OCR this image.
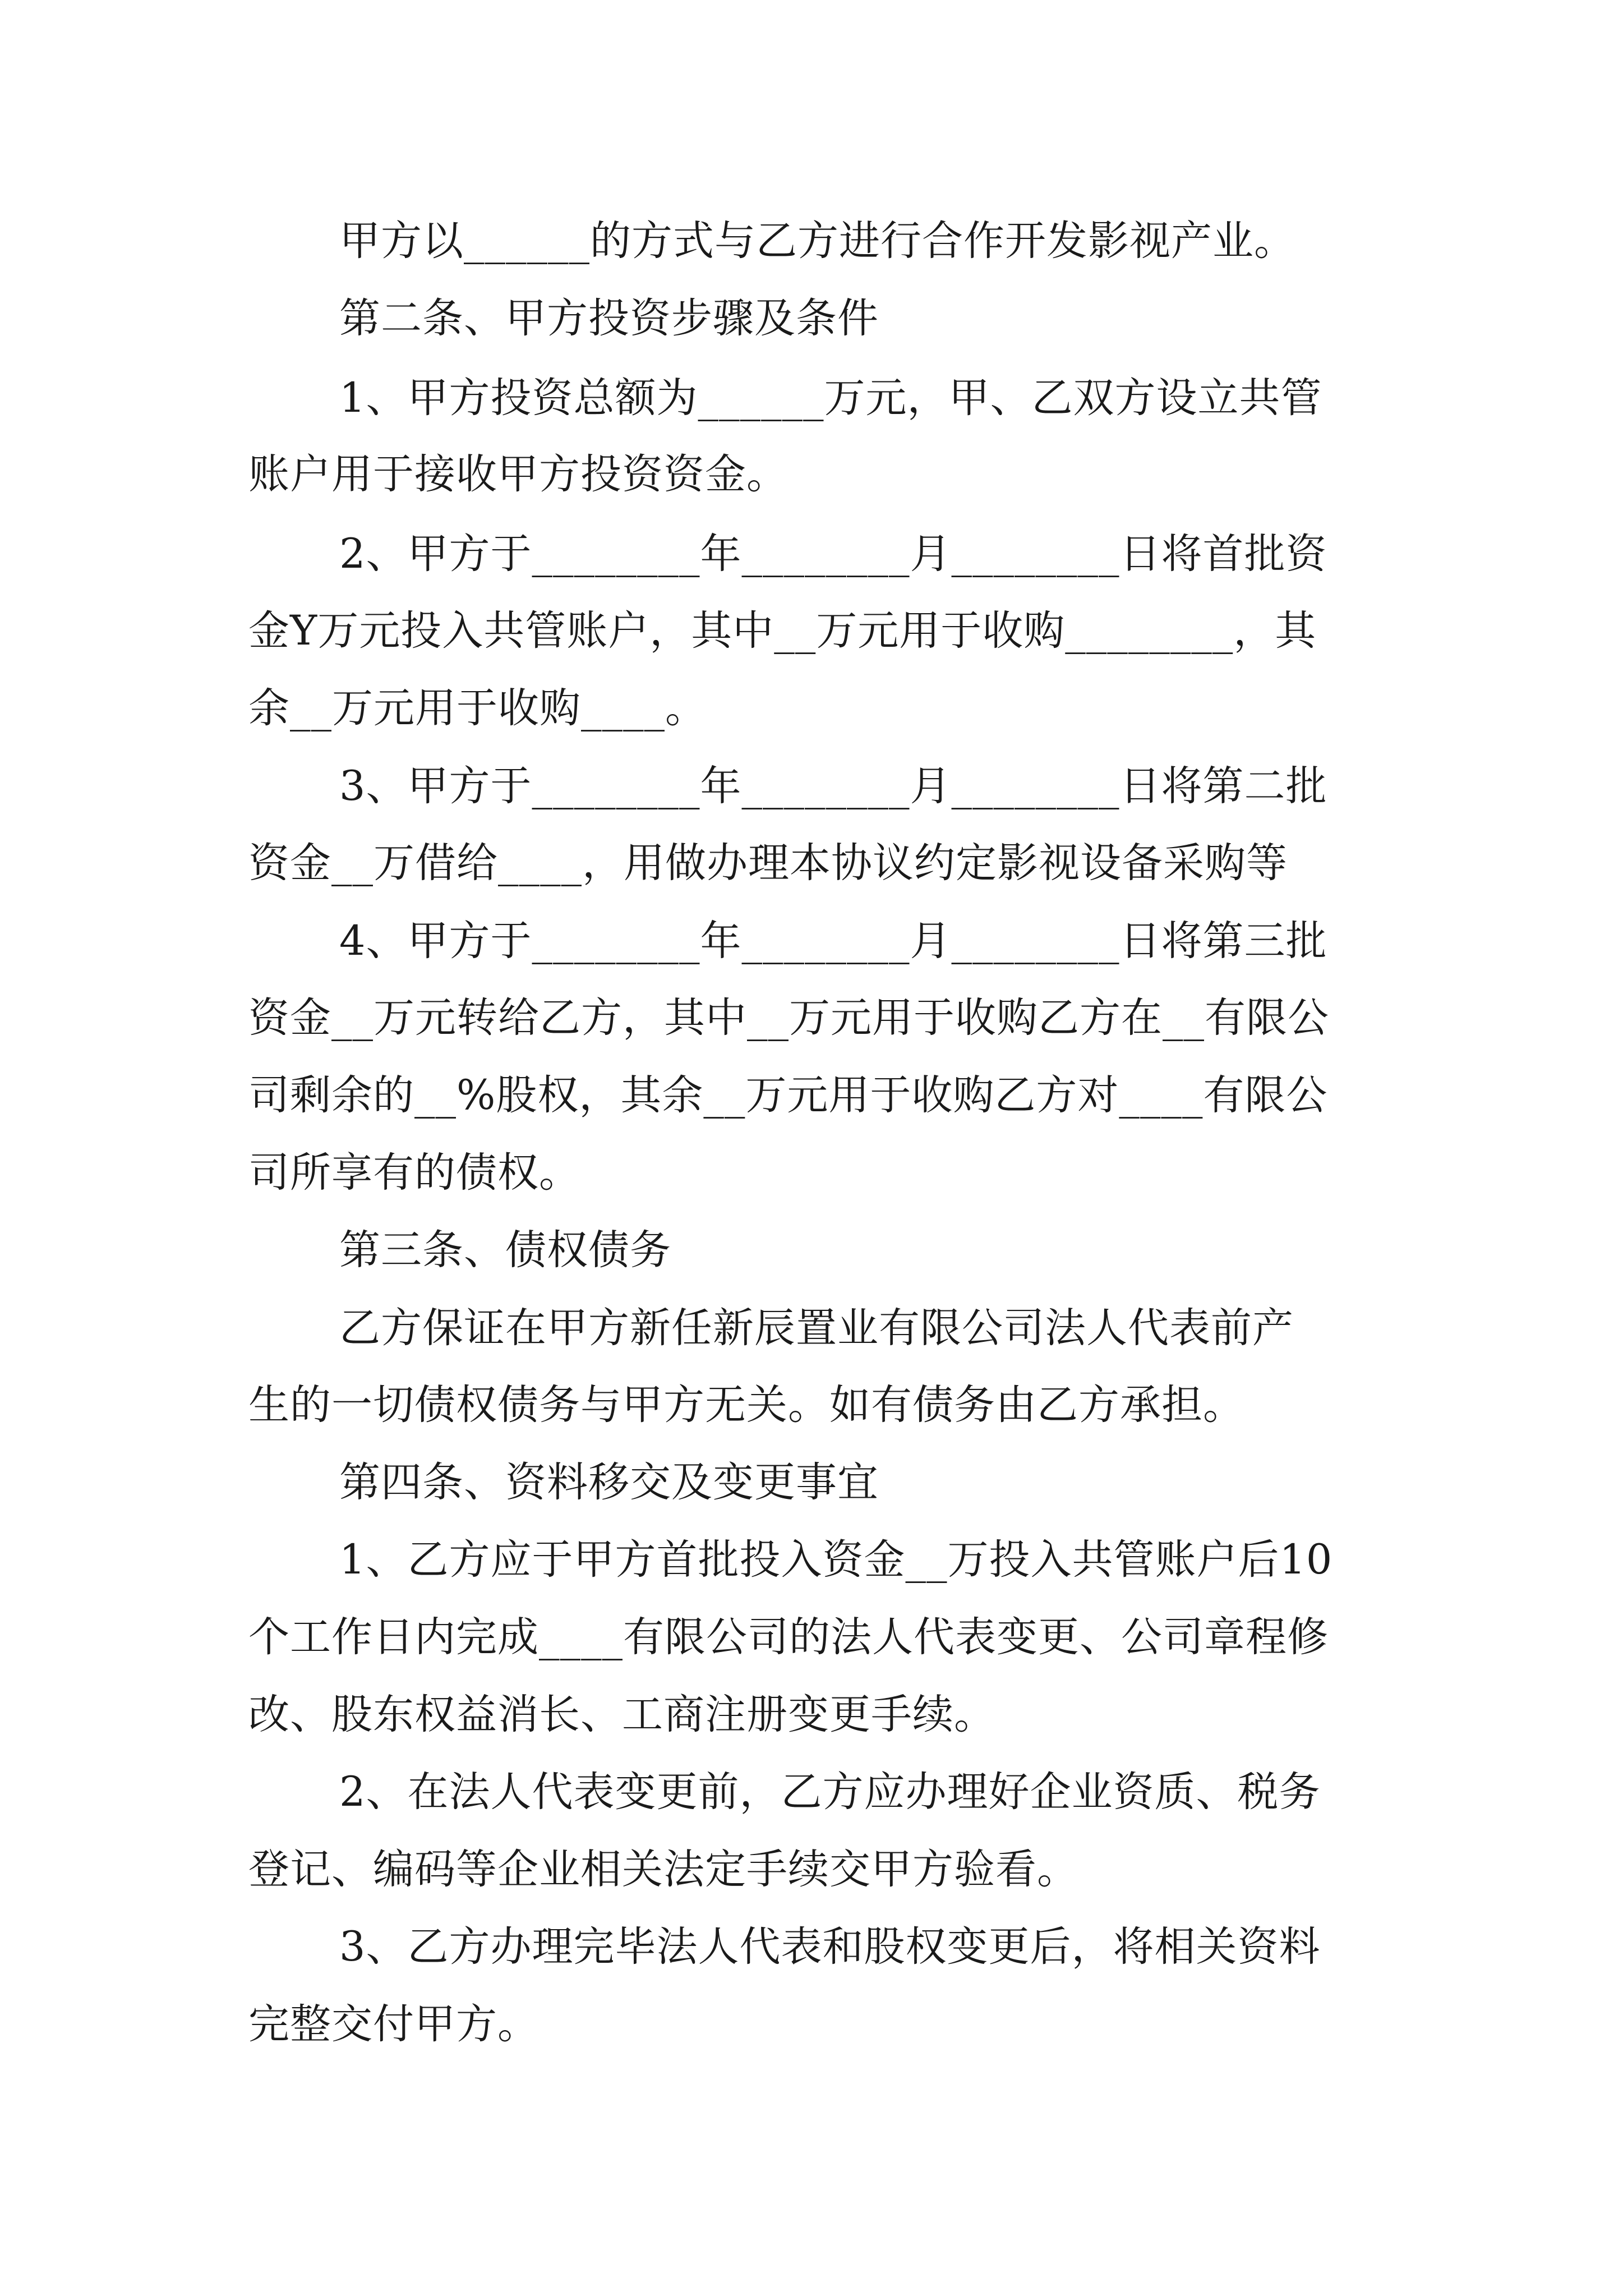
甲方以______的方式与乙方进行合作开发影视产业。
第二条、甲方投资步骤及条件
1、甲方投资总额为______万元，甲、乙双方设立共管
账户用于接收甲方投资资金。
2、甲方于________年________月________日将首批资
金Y万元投入共管账户，其中__万元用于收购________，其
余__万元用于收购____。
3、甲方于________年________月________日将第二批
资金__万借给____，用做办理本协议约定影视设备采购等
4、甲方于________年________月________日将第三批
资金__万元转给乙方，其中__万元用于收购乙方在__有限公
司剩余的__%股权，其余__万元用于收购乙方对____有限公
司所享有的债权。
第三条、债权债务
乙方保证在甲方新任新辰置业有限公司法人代表前产
生的一切债权债务与甲方无关。如有债务由乙方承担。
第四条、资料移交及变更事宜
1、乙方应于甲方首批投入资金__万投入共管账户后10
个工作日内完成____有限公司的法人代表变更、公司章程修
改、股东权益消长、工商注册变更手续。
2、在法人代表变更前，乙方应办理好企业资质、税务
登记、编码等企业相关法定手续交甲方验看。
3、乙方办理完毕法人代表和股权变更后，将相关资料
完整交付甲方。
